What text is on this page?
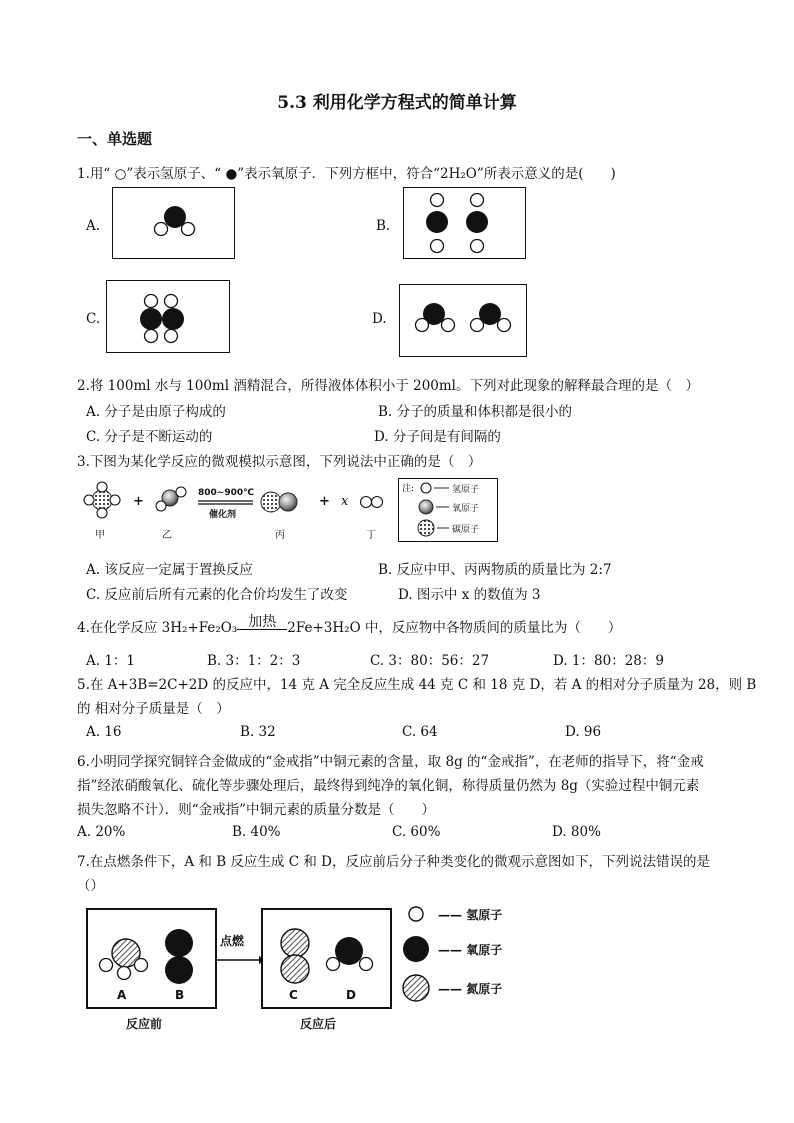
5.3 利用化学方程式的简单计算
一、单选题
1.用“ ○”表示氢原子、“ ●”表示氧原子．下列方框中，符合“2H₂O”所表示意义的是(　　)
A.	B.
C.	D.
2.将 100ml 水与 100ml 酒精混合，所得液体体积小于 200ml。下列对此现象的解释最合理的是（　）
A. 分子是由原子构成的	B. 分子的质量和体积都是很小的
C. 分子是不断运动的	D. 分子间是有间隔的
3.下图为某化学反应的微观模拟示意图，下列说法中正确的是（　）
+
800~900℃
催化剂
+ x
甲	乙	丙	丁
注:	氢原子
氧原子
碳原子
A. 该反应一定属于置换反应	B. 反应中甲、丙两物质的质量比为 2:7
C. 反应前后所有元素的化合价均发生了改变	D. 图示中 x 的数值为 3
4.在化学反应 3H₂+Fe₂O₃ 加热 2Fe+3H₂O 中，反应物中各物质间的质量比为（　　）
A. 1：1	B. 3：1：2：3	C. 3：80：56：27	D. 1：80：28：9
5.在 A+3B=2C+2D 的反应中，14 克 A 完全反应生成 44 克 C 和 18 克 D，若 A 的相对分子质量为 28，则 B
的 相对分子质量是（　）
A. 16	B. 32	C. 64	D. 96
6.小明同学探究铜锌合金做成的“金戒指”中铜元素的含量，取 8g 的“金戒指”，在老师的指导下，将“金戒
指”经浓硝酸氧化、硫化等步骤处理后，最终得到纯净的氧化铜，称得质量仍然为 8g（实验过程中铜元素
损失忽略不计）．则“金戒指”中铜元素的质量分数是（　　）
A. 20%	B. 40%	C. 60%	D. 80%
7.在点燃条件下，A 和 B 反应生成 C 和 D，反应前后分子种类变化的微观示意图如下，下列说法错误的是
（）
A	B
点燃
C	D
反应前	反应后
—— 氢原子
—— 氧原子
—— 氮原子
